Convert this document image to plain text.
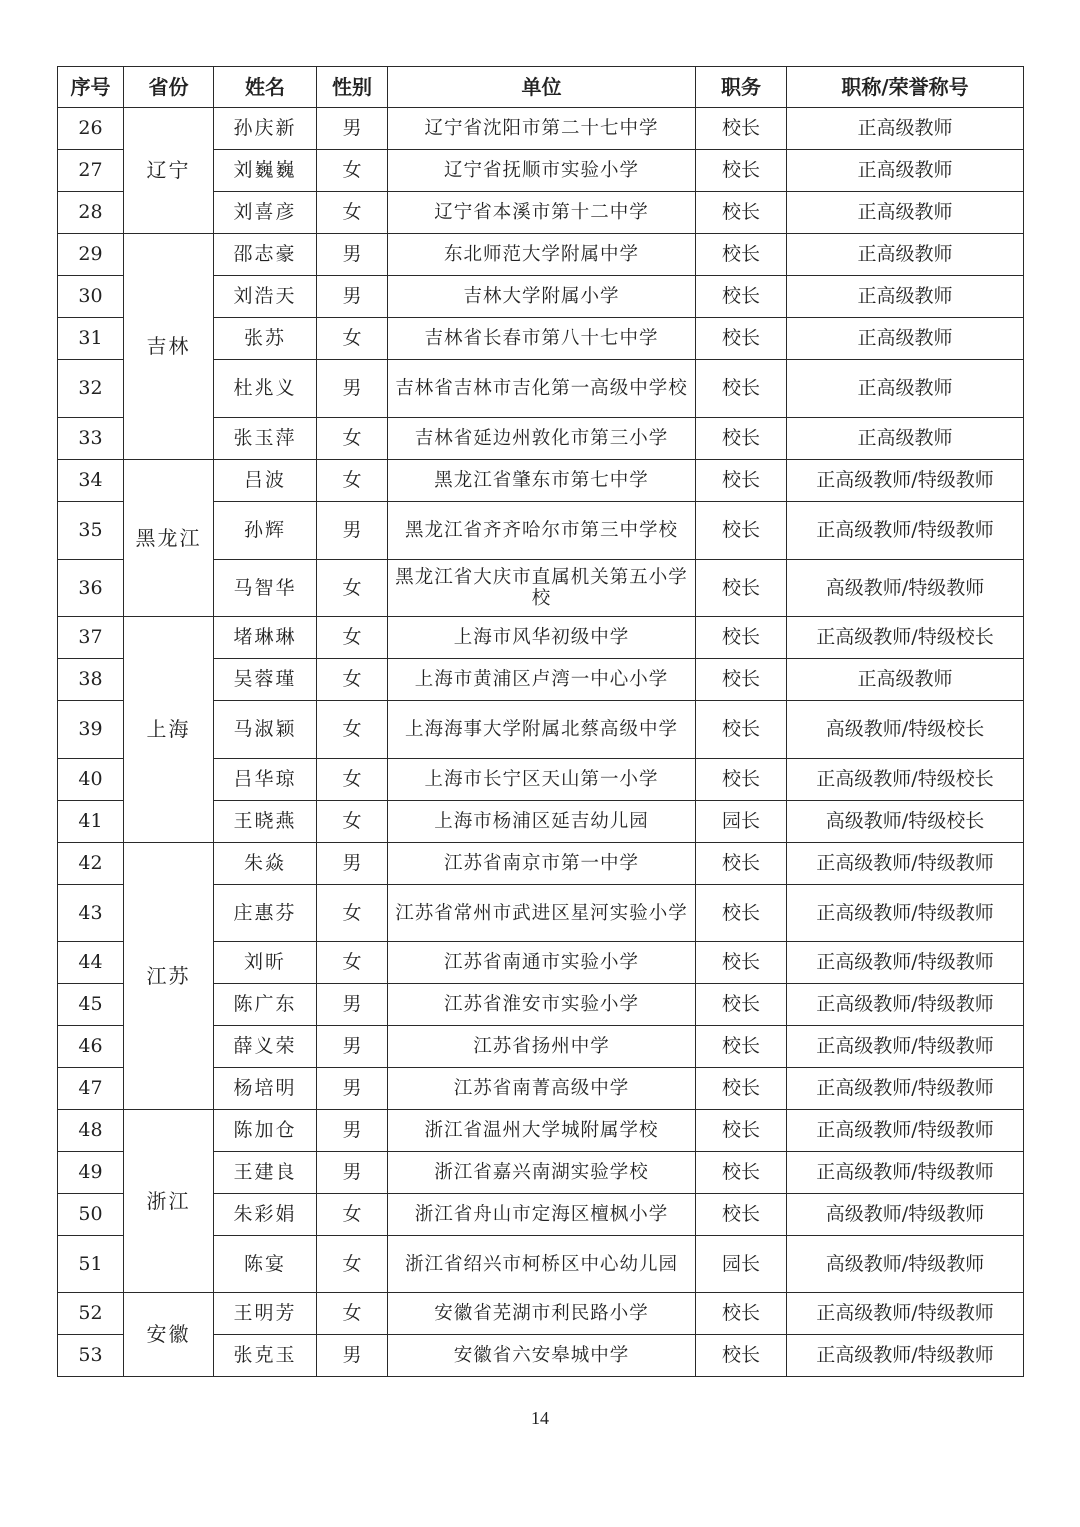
序号	省份	姓名	性别	单位	职务	职称/荣誉称号
26	辽宁	孙庆新	男	辽宁省沈阳市第二十七中学	校长	正高级教师
27		刘巍巍	女	辽宁省抚顺市实验小学	校长	正高级教师
28		刘喜彦	女	辽宁省本溪市第十二中学	校长	正高级教师
29	吉林	邵志豪	男	东北师范大学附属中学	校长	正高级教师
30		刘浩天	男	吉林大学附属小学	校长	正高级教师
31		张苏	女	吉林省长春市第八十七中学	校长	正高级教师
32		杜兆义	男	吉林省吉林市吉化第一高级中学校	校长	正高级教师
33		张玉萍	女	吉林省延边州敦化市第三小学	校长	正高级教师
34	黑龙江	吕波	女	黑龙江省肇东市第七中学	校长	正高级教师/特级教师
35		孙辉	男	黑龙江省齐齐哈尔市第三中学校	校长	正高级教师/特级教师
36		马智华	女	黑龙江省大庆市直属机关第五小学校	校长	高级教师/特级教师
37	上海	堵琳琳	女	上海市风华初级中学	校长	正高级教师/特级校长
38		吴蓉瑾	女	上海市黄浦区卢湾一中心小学	校长	正高级教师
39		马淑颖	女	上海海事大学附属北蔡高级中学	校长	高级教师/特级校长
40		吕华琼	女	上海市长宁区天山第一小学	校长	正高级教师/特级校长
41		王晓燕	女	上海市杨浦区延吉幼儿园	园长	高级教师/特级校长
42	江苏	朱焱	男	江苏省南京市第一中学	校长	正高级教师/特级教师
43		庄惠芬	女	江苏省常州市武进区星河实验小学	校长	正高级教师/特级教师
44		刘昕	女	江苏省南通市实验小学	校长	正高级教师/特级教师
45		陈广东	男	江苏省淮安市实验小学	校长	正高级教师/特级教师
46		薛义荣	男	江苏省扬州中学	校长	正高级教师/特级教师
47		杨培明	男	江苏省南菁高级中学	校长	正高级教师/特级教师
48	浙江	陈加仓	男	浙江省温州大学城附属学校	校长	正高级教师/特级教师
49		王建良	男	浙江省嘉兴南湖实验学校	校长	正高级教师/特级教师
50		朱彩娟	女	浙江省舟山市定海区檀枫小学	校长	高级教师/特级教师
51		陈宴	女	浙江省绍兴市柯桥区中心幼儿园	园长	高级教师/特级教师
52	安徽	王明芳	女	安徽省芜湖市利民路小学	校长	正高级教师/特级教师
53		张克玉	男	安徽省六安皋城中学	校长	正高级教师/特级教师
14
